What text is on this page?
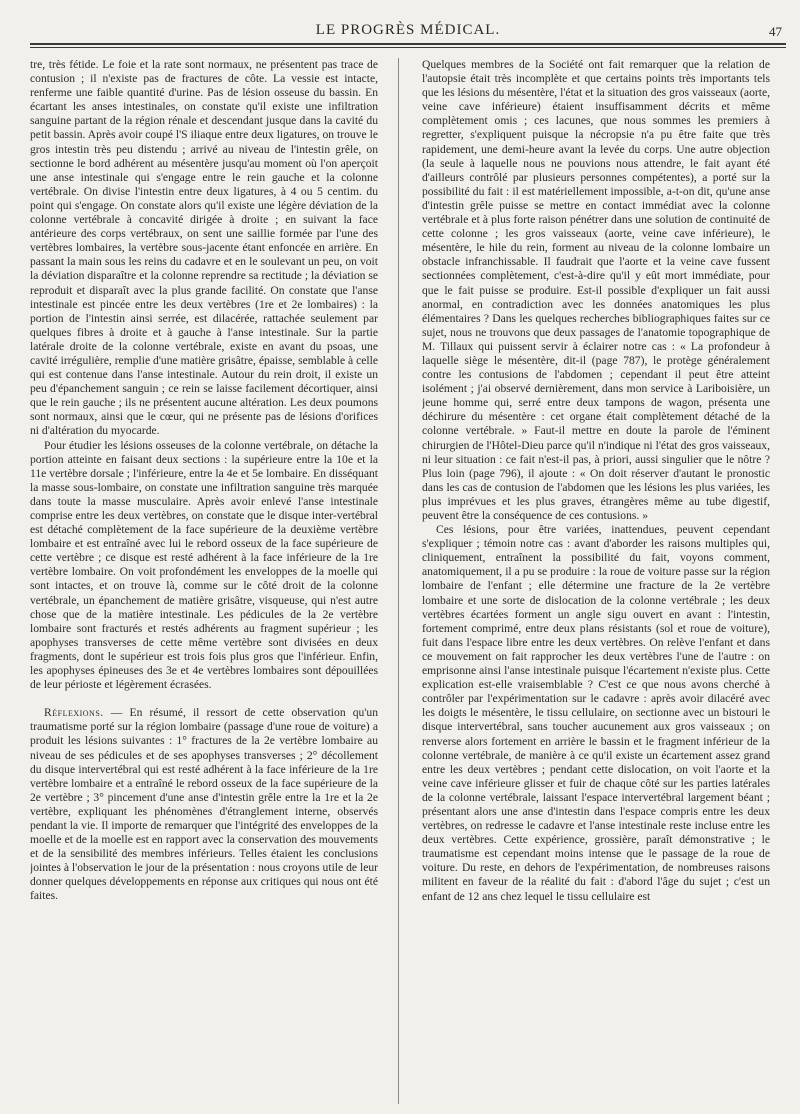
LE PROGRÈS MÉDICAL.	47

tre, très fétide. Le foie et la rate sont normaux, ne présentent pas trace de contusion ; il n'existe pas de fractures de côte. La vessie est intacte, renferme une faible quantité d'urine. Pas de lésion osseuse du bassin. En écartant les anses intestinales, on constate qu'il existe une infiltration sanguine partant de la région rénale et descendant jusque dans la cavité du petit bassin. Après avoir coupé l'S iliaque entre deux ligatures, on trouve le gros intestin très peu distendu ; arrivé au niveau de l'intestin grêle, on sectionne le bord adhérent au mésentère jusqu'au moment où l'on aperçoit une anse intestinale qui s'engage entre le rein gauche et la colonne vertébrale. On divise l'intestin entre deux ligatures, à 4 ou 5 centim. du point qui s'engage. On constate alors qu'il existe une légère déviation de la colonne vertébrale à concavité dirigée à droite ; en suivant la face antérieure des corps vertébraux, on sent une saillie formée par l'une des vertèbres lombaires, la vertèbre sous-jacente étant enfoncée en arrière. En passant la main sous les reins du cadavre et en le soulevant un peu, on voit la déviation disparaître et la colonne reprendre sa rectitude ; la déviation se reproduit et disparaît avec la plus grande facilité. On constate que l'anse intestinale est pincée entre les deux vertèbres (1re et 2e lombaires) : la portion de l'intestin ainsi serrée, est dilacérée, rattachée seulement par quelques fibres à droite et à gauche à l'anse intestinale. Sur la partie latérale droite de la colonne vertébrale, existe en avant du psoas, une cavité irrégulière, remplie d'une matière grisâtre, épaisse, semblable à celle qui est contenue dans l'anse intestinale. Autour du rein droit, il existe un peu d'épanchement sanguin ; ce rein se laisse facilement décortiquer, ainsi que le rein gauche ; ils ne présentent aucune altération. Les deux poumons sont normaux, ainsi que le cœur, qui ne présente pas de lésions d'orifices ni d'altération du myocarde.

Pour étudier les lésions osseuses de la colonne vertébrale, on détache la portion atteinte en faisant deux sections : la supérieure entre la 10e et la 11e vertèbre dorsale ; l'inférieure, entre la 4e et 5e lombaire. En disséquant la masse sous-lombaire, on constate une infiltration sanguine très marquée dans toute la masse musculaire. Après avoir enlevé l'anse intestinale comprise entre les deux vertèbres, on constate que le disque inter-vertébral est détaché complètement de la face supérieure de la deuxième vertèbre lombaire et est entraîné avec lui le rebord osseux de la face supérieure de cette vertèbre ; ce disque est resté adhérent à la face inférieure de la 1re vertèbre lombaire. On voit profondément les enveloppes de la moelle qui sont intactes, et on trouve là, comme sur le côté droit de la colonne vertébrale, un épanchement de matière grisâtre, visqueuse, qui n'est autre chose que de la matière intestinale. Les pédicules de la 2e vertèbre lombaire sont fracturés et restés adhérents au fragment supérieur ; les apophyses transverses de cette même vertèbre sont divisées en deux fragments, dont le supérieur est trois fois plus gros que l'inférieur. Enfin, les apophyses épineuses des 3e et 4e vertèbres lombaires sont dépouillées de leur périoste et légèrement écrasées.

Réflexions. — En résumé, il ressort de cette observation qu'un traumatisme porté sur la région lombaire (passage d'une roue de voiture) a produit les lésions suivantes : 1° fractures de la 2e vertèbre lombaire au niveau de ses pédicules et de ses apophyses transverses ; 2° décollement du disque intervertébral qui est resté adhérent à la face inférieure de la 1re vertèbre lombaire et a entraîné le rebord osseux de la face supérieure de la 2e vertèbre ; 3° pincement d'une anse d'intestin grêle entre la 1re et la 2e vertèbre, expliquant les phénomènes d'étranglement interne, observés pendant la vie. Il importe de remarquer que l'intégrité des enveloppes de la moelle et de la moelle est en rapport avec la conservation des mouvements et de la sensibilité des membres inférieurs. Telles étaient les conclusions jointes à l'observation le jour de la présentation : nous croyons utile de leur donner quelques développements en réponse aux critiques qui nous ont été faites.

Quelques membres de la Société ont fait remarquer que la relation de l'autopsie était très incomplète et que certains points très importants tels que les lésions du mésentère, l'état et la situation des gros vaisseaux (aorte, veine cave inférieure) étaient insuffisamment décrits et même complètement omis ; ces lacunes, que nous sommes les premiers à regretter, s'expliquent puisque la nécropsie n'a pu être faite que très rapidement, une demi-heure avant la levée du corps. Une autre objection (la seule à laquelle nous ne pouvions nous attendre, le fait ayant été d'ailleurs contrôlé par plusieurs personnes compétentes), a porté sur la possibilité du fait : il est matériellement impossible, a-t-on dit, qu'une anse d'intestin grêle puisse se mettre en contact immédiat avec la colonne vertébrale et à plus forte raison pénétrer dans une solution de continuité de cette colonne ; les gros vaisseaux (aorte, veine cave inférieure), le mésentère, le hile du rein, forment au niveau de la colonne lombaire un obstacle infranchissable. Il faudrait que l'aorte et la veine cave fussent sectionnées complètement, c'est-à-dire qu'il y eût mort immédiate, pour que le fait puisse se produire. Est-il possible d'expliquer un fait aussi anormal, en contradiction avec les données anatomiques les plus élémentaires ? Dans les quelques recherches bibliographiques faites sur ce sujet, nous ne trouvons que deux passages de l'anatomie topographique de M. Tillaux qui puissent servir à éclairer notre cas : « La profondeur à laquelle siège le mésentère, dit-il (page 787), le protège généralement contre les contusions de l'abdomen ; cependant il peut être atteint isolément ; j'ai observé dernièrement, dans mon service à Lariboisière, un jeune homme qui, serré entre deux tampons de wagon, présenta une déchirure du mésentère : cet organe était complètement détaché de la colonne vertébrale. » Faut-il mettre en doute la parole de l'éminent chirurgien de l'Hôtel-Dieu parce qu'il n'indique ni l'état des gros vaisseaux, ni leur situation : ce fait n'est-il pas, à priori, aussi singulier que le nôtre ? Plus loin (page 796), il ajoute : « On doit réserver d'autant le pronostic dans les cas de contusion de l'abdomen que les lésions les plus variées, les plus imprévues et les plus graves, étrangères même au tube digestif, peuvent être la conséquence de ces contusions. »

Ces lésions, pour être variées, inattendues, peuvent cependant s'expliquer ; témoin notre cas : avant d'aborder les raisons multiples qui, cliniquement, entraînent la possibilité du fait, voyons comment, anatomiquement, il a pu se produire : la roue de voiture passe sur la région lombaire de l'enfant ; elle détermine une fracture de la 2e vertèbre lombaire et une sorte de dislocation de la colonne vertébrale ; les deux vertèbres écartées forment un angle sigu ouvert en avant : l'intestin, fortement comprimé, entre deux plans résistants (sol et roue de voiture), fuit dans l'espace libre entre les deux vertèbres. On relève l'enfant et dans ce mouvement on fait rapprocher les deux vertèbres l'une de l'autre : on emprisonne ainsi l'anse intestinale puisque l'écartement n'existe plus. Cette explication est-elle vraisemblable ? C'est ce que nous avons cherché à contrôler par l'expérimentation sur le cadavre : après avoir dilacéré avec les doigts le mésentère, le tissu cellulaire, on sectionne avec un bistouri le disque intervertébral, sans toucher aucunement aux gros vaisseaux ; on renverse alors fortement en arrière le bassin et le fragment inférieur de la colonne vertébrale, de manière à ce qu'il existe un écartement assez grand entre les deux vertèbres ; pendant cette dislocation, on voit l'aorte et la veine cave inférieure glisser et fuir de chaque côté sur les parties latérales de la colonne vertébrale, laissant l'espace intervertébral largement béant ; présentant alors une anse d'intestin dans l'espace compris entre les deux vertèbres, on redresse le cadavre et l'anse intestinale reste incluse entre les deux vertèbres. Cette expérience, grossière, paraît démonstrative ; le traumatisme est cependant moins intense que le passage de la roue de voiture. Du reste, en dehors de l'expérimentation, de nombreuses raisons militent en faveur de la réalité du fait : d'abord l'âge du sujet ; c'est un enfant de 12 ans chez lequel le tissu cellulaire est
